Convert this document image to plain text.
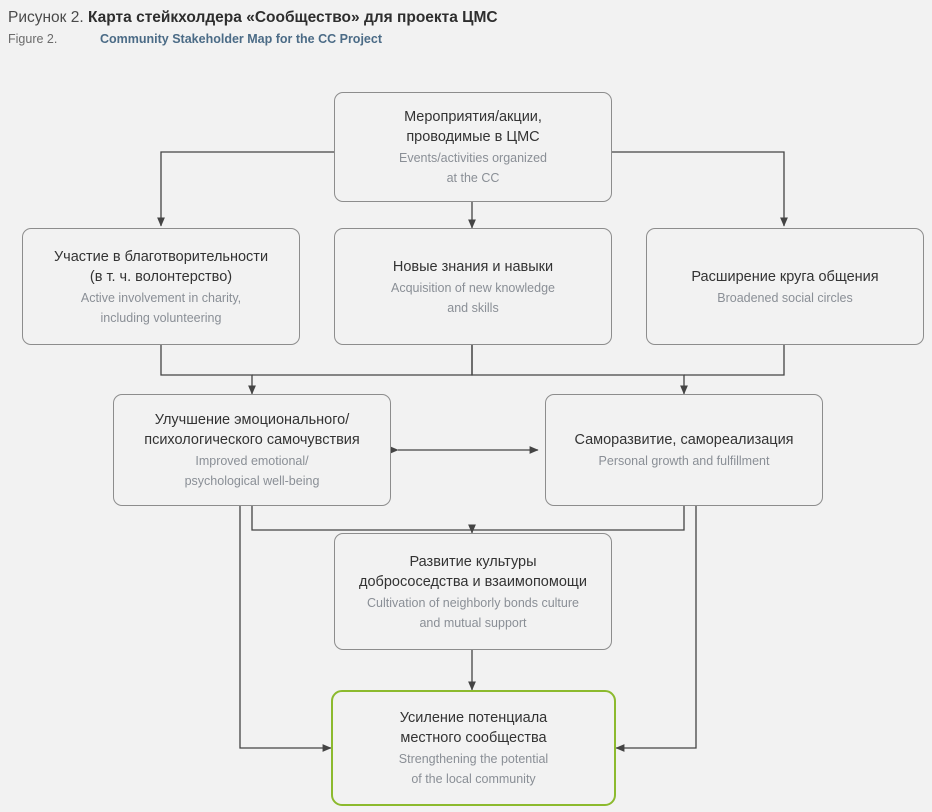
Рисунок 2. Карта стейкхолдера «Сообщество» для проекта ЦМС
Figure 2.	Community Stakeholder Map for the CC Project
Мероприятия/акции,
проводимые в ЦМС
Events/activities organized
at the CC
Участие в благотворительности
(в т. ч. волонтерство)
Active involvement in charity,
including volunteering
Новые знания и навыки
Acquisition of new knowledge
and skills
Расширение круга общения
Broadened social circles
Улучшение эмоционального/
психологического самочувствия
Improved emotional/
psychological well-being
Саморазвитие, самореализация
Personal growth and fulfillment
Развитие культуры
добрососедства и взаимопомощи
Cultivation of neighborly bonds culture
and mutual support
Усиление потенциала
местного сообщества
Strengthening the potential
of the local community
